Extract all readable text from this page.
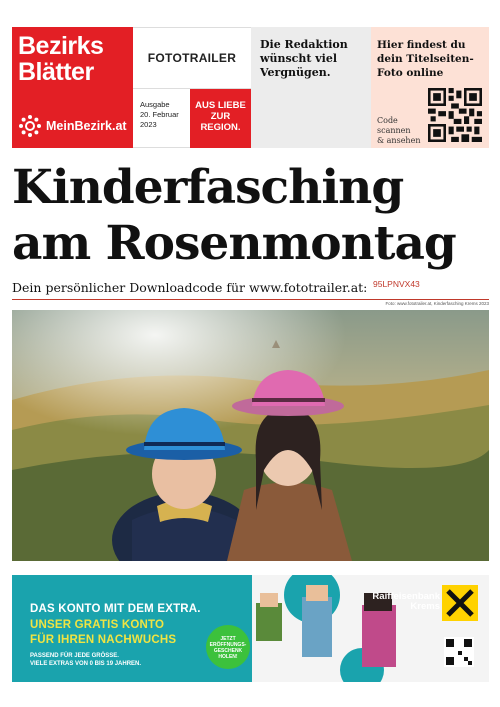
Bezirks
Blätter
MeinBezirk.at
FOTOTRAILER
Ausgabe
20. Februar
2023
AUS LIEBE
ZUR
REGION.
Die Redaktion
wünscht viel
Vergnügen.
Hier findest du
dein Titelseiten-
Foto online
Code
scannen
& ansehen
Kinderfasching
am Rosenmontag
Dein persönlicher Downloadcode für www.fototrailer.at: 95LPNVX43
Foto: www.fototrailer.at, Kinderfasching Krems 2023
DAS KONTO MIT DEM EXTRA.
UNSER GRATIS KONTO
FÜR IHREN NACHWUCHS
PASSEND FÜR JEDE GRÖSSE.
VIELE EXTRAS VON 0 BIS 19 JAHREN.
JETZT
ERÖFFNUNGS-
GESCHENK
HOLEN!
Raiffeisenbank
Krems
